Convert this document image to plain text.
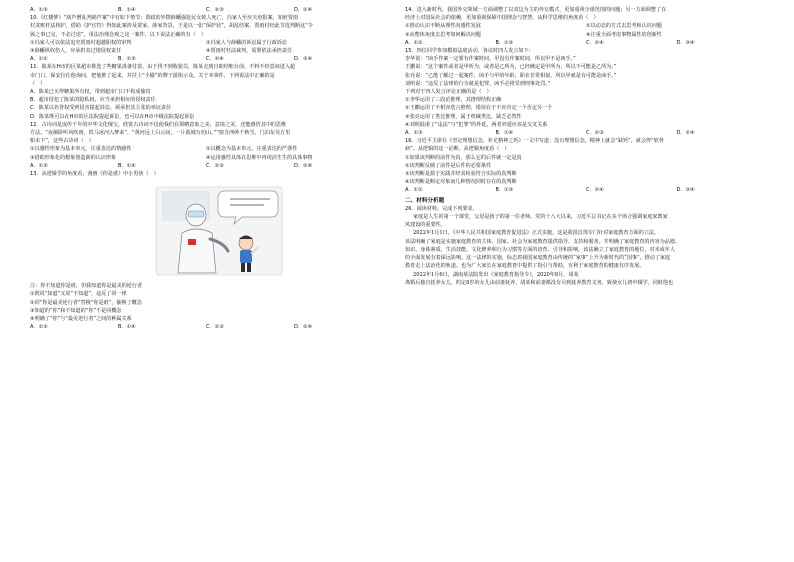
A．①③	B．①④	C．②③	D．②④
10.《红楼梦》“葫芦僧乱判葫芦案”中有如下情节：贾政的外甥薛蟠强抢民女致人死亡，冯家人至应天府报案，知府贾雨
村贪赃枉法相护，借助《护官符》得知此案涉及贾家、薛家背景，于是以一张“保护状”，胡乱结案。贾雨村经此节选判断这“令
颁之事已完，不必过虑”，用法治理念观之这一案件，以下说法正确的有（　）
①冯家人可以依法追究贾雨村超越职权的审判	②冯家人与薛蟠的诉讼属于行政诉讼
③薛蟠纵奴伤人，应承担其过错侵权责任	④贾雨村枉法裁判，需要依法承担责任
A．①②	B．①③	C．②④	D．③④
11．陈某在H市的区某超市挑选了些糖果准备付款，由于找不到收银员，陈某走到自助结账台前，不料不经意间进入超
市门口，保安拉住他询问，把他推了起来，并挂上“小偷”的牌子游街示众。关于本事件，下列说法中正确的是
（　）
A．陈某已买得糖果所有权，带到超市门口不构成偷窃
B．超市侵犯了陈某的隐私权，应当承担相应的侵权责任
C．陈某以名誉权受到侵害提起诉讼，须承担其主张的举证责任
D．陈某既可以在H市的区法院提起诉讼，也可以在H市中级法院提起诉讼
12．古诗词是流传千年的中华文化瑰宝，欣赏古诗词不仅使我们在领略意象之美、意境之美，还能感悟其中的思维
方法。“夜阑卧听风吹雨，铁马冰河入梦来”，“黄河远上白云间，一片孤城万仞山。”“窗含西岭千秋雪，门泊东吴万里
船未下”，这些古诗词（　）
①以感性形象为基本单元，注重表达的情感性	②以概念为基本单元，注重表达的严谨性
③借助形象化的想象创造新的认识形象	④运用感性具体在思维中再现活生生的具体事物
A．①③	B．①④	C．②③	D．②④
13．从逻辑学的角度看，漫画《你是谁》中小男孩（　）
注：你不知道你是谁，但我知道你是最美的逆行者
①既说“知道”又说“不知道”，违反了同一律
②同“你是最美逆行者”替换“你是谁”，偷换了概念
③知道的“你”和不知道的“你”不是同概念
④明确了“你”与“最美逆行者”之间的种属关系
A．①③	B．①④	C．②③	D．②④
14．进入新时代，我国外交领域一方面调整了以双边为主的外交模式，更加重视全球范围的问题；另一方面调整了在
经济上对国际社会的依赖，更加重视保障中国理念与智慧。从科学思维的角度看（　）
①推动认识不断从理性向感性发展	②以动态的方式去思考和认识问题
③从整体角度去思考如何解决问题	④注重全面考虑事物属性的创新性
A．①②	B．①③	C．②④	D．③④
15．四位同学参加模拟法庭活动，各议时四人发言如下：
李华说：“凶手作案一定要有作案时间，甲没有作案时间，所以甲不是凶手。”
王鹏说：“这个案件或者是甲所为，或者是乙所为，已经确定是甲所为，所以不可能是乙所为。”
张亮说：“乙能了解过一起案件，凶手与甲的年龄、职业非常相似，所以甲就是有可能是凶手。”
刘明说：“违反了法律的行为就是犯罪，凶手必将受到刑事处罚。”
下列对于四人发言评论正确的是（　）
①李华运用了三段论推理，其推理结构正确
②王鹏运用了不相容选言推理，错误在于不应肯定一个否定另一个
③张亮运用了类比推理，属于机械类比，缺乏必然性
④刘明混淆了“违法”与“犯罪”的外延，两者外延应该是交叉关系
A．①③	B．①④	C．②③	D．②④
16．习近平主席在《坚定理想信念，补足精神之钙》一文中写道：没有理想信念，精神上就会“缺钙”，就会得“软骨
病”。从逻辑的这一论断，从逻辑角度看（　）
①如果该判断的前件为真，那么它的后件就一定是真
②该判断反映了前件是后件的必要条件
③该判断是源于实践并经其检验符合实际的真判断
④该判断是断定对象间几种情况同时存在的真判断
A．①②	B．①③	C．②④	D．③④
二、材料分析题
26．阅读材料，完成下列要求。
家庭是人生的第一个课堂，父母是孩子的第一任老师。党的十八大以来，习近平总书记在多个场合强调家庭家教家
风建设的重要性。
2022年1月1日，《中华人民共和国家庭教育促进法》正式实施。这是我国首部专门针对家庭教育方面的立法。
该法明确了家庭是实施家庭教育的主体，国家、社会为家庭教育提供指导、支持和服务。并明确了家庭教育的内容为品德、
知识、身体素质、生活技能、文化修养和行为习惯等方面的培育、引导和影响。该法确立了家庭教育的地位，对未成年人
的全面发展有着深远影响。这一法律的实施，标志着我国家庭教育由传统的“家事”上升为新时代的“国事”，推动了家庭
教育走上法治化的轨道。也为广大家长在家庭教育中提供了指引与帮助，有利于家庭教育的健康有序发展。
2022年1月6日，湖南某法院发出《家庭教育指导令》，2020年8月，胡某
离婚后独自抚养女儿，约定8岁的女儿由前妻抚养。胡某和前妻都没有尽到抚养教育义务，致使女儿初中辍学，同时他也
